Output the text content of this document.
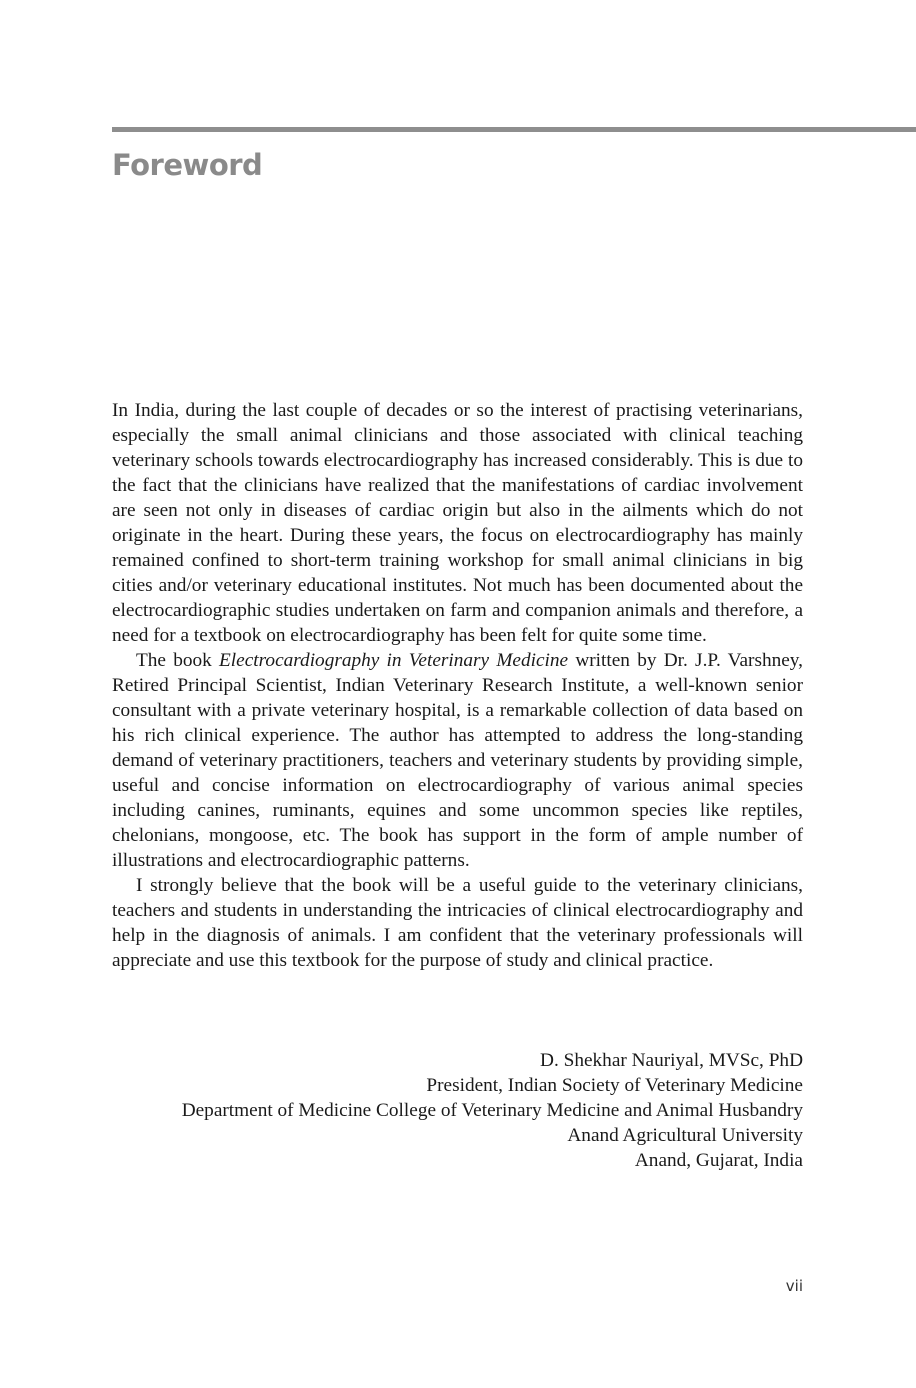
Foreword

In India, during the last couple of decades or so the interest of practising veterinarians, especially the small animal clinicians and those associated with clinical teaching veterinary schools towards electrocardiography has increased considerably. This is due to the fact that the clinicians have realized that the manifestations of cardiac involvement are seen not only in diseases of cardiac origin but also in the ailments which do not originate in the heart. During these years, the focus on electrocardiography has mainly remained confined to short-term training workshop for small animal clinicians in big cities and/or veterinary educational institutes. Not much has been documented about the electrocardiographic studies undertaken on farm and companion animals and therefore, a need for a textbook on electrocardiography has been felt for quite some time.

The book Electrocardiography in Veterinary Medicine written by Dr. J.P. Varshney, Retired Principal Scientist, Indian Veterinary Research Institute, a well-known senior consultant with a private veterinary hospital, is a remarkable collection of data based on his rich clinical experience. The author has attempted to address the long-standing demand of veterinary practitioners, teachers and veterinary students by providing simple, useful and concise information on electrocardiography of various animal species including canines, ruminants, equines and some uncommon species like reptiles, chelonians, mongoose, etc. The book has support in the form of ample number of illustrations and electrocardiographic patterns.

I strongly believe that the book will be a useful guide to the veterinary clinicians, teachers and students in understanding the intricacies of clinical electrocardiography and help in the diagnosis of animals. I am confident that the veterinary professionals will appreciate and use this textbook for the purpose of study and clinical practice.

D. Shekhar Nauriyal, MVSc, PhD
President, Indian Society of Veterinary Medicine
Department of Medicine College of Veterinary Medicine and Animal Husbandry
Anand Agricultural University
Anand, Gujarat, India
vii
